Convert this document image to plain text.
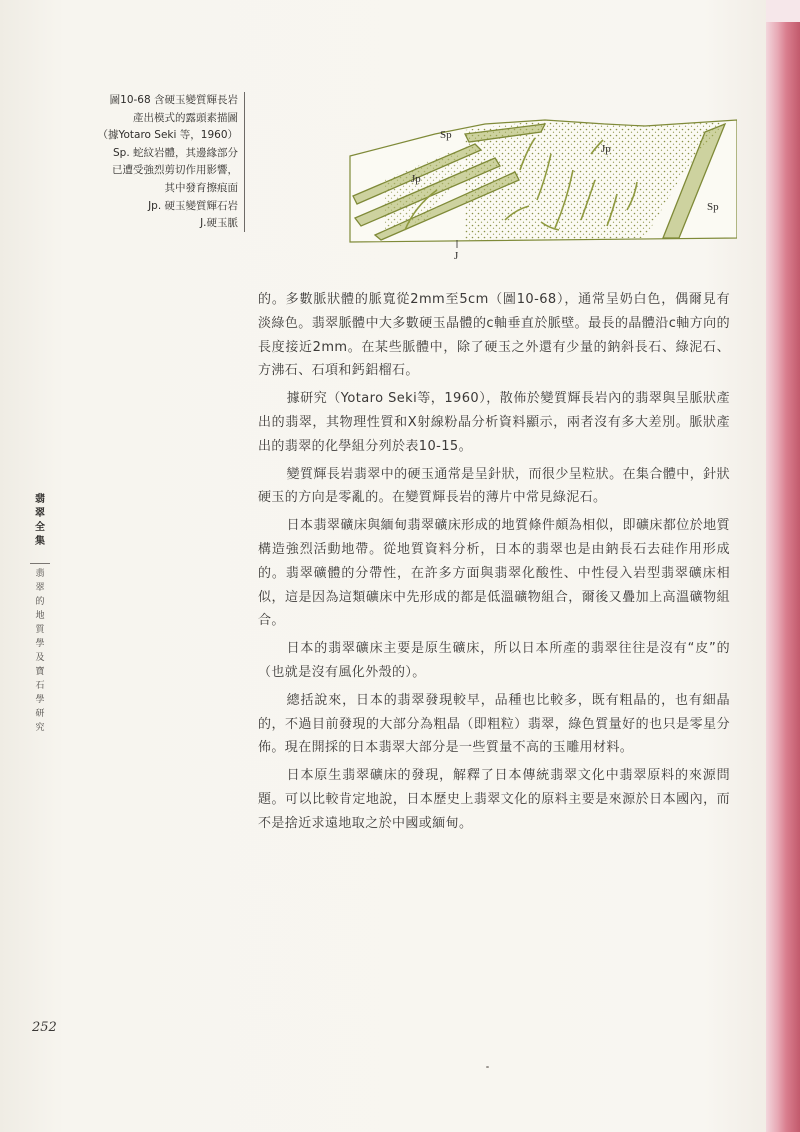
圖10-68 含硬玉變質輝長岩
產出模式的露頭素描圖
（據Yotaro Seki 等，1960）
Sp. 蛇紋岩體，其邊緣部分
已遭受強烈剪切作用影響，
其中發育擦痕面
Jp. 硬玉變質輝石岩
J.硬玉脈
Sp
Jp
Jp
Sp
J

的。多數脈狀體的脈寬從2mm至5cm（圖10-68），通常呈奶白色，偶爾見有淡綠色。翡翠脈體中大多數硬玉晶體的c軸垂直於脈壁。最長的晶體沿c軸方向的長度接近2mm。在某些脈體中，除了硬玉之外還有少量的鈉斜長石、綠泥石、方沸石、石項和鈣鋁榴石。

據研究（Yotaro Seki等，1960），散佈於變質輝長岩內的翡翠與呈脈狀產出的翡翠，其物理性質和X射線粉晶分析資料顯示，兩者沒有多大差別。脈狀產出的翡翠的化學組分列於表10-15。

變質輝長岩翡翠中的硬玉通常是呈針狀，而很少呈粒狀。在集合體中，針狀硬玉的方向是零亂的。在變質輝長岩的薄片中常見綠泥石。

日本翡翠礦床與緬甸翡翠礦床形成的地質條件頗為相似，即礦床都位於地質構造強烈活動地帶。從地質資料分析，日本的翡翠也是由鈉長石去硅作用形成的。翡翠礦體的分帶性，在許多方面與翡翠化酸性、中性侵入岩型翡翠礦床相似，這是因為這類礦床中先形成的都是低溫礦物組合，爾後又疊加上高溫礦物組合。

日本的翡翠礦床主要是原生礦床，所以日本所產的翡翠往往是沒有“皮”的（也就是沒有風化外殼的）。

總括說來，日本的翡翠發現較早，品種也比較多，既有粗晶的，也有細晶的，不過目前發現的大部分為粗晶（即粗粒）翡翠，綠色質量好的也只是零星分佈。現在開採的日本翡翠大部分是一些質量不高的玉雕用材料。

日本原生翡翠礦床的發現，解釋了日本傳統翡翠文化中翡翠原料的來源問題。可以比較肯定地說，日本歷史上翡翠文化的原料主要是來源於日本國內，而不是捨近求遠地取之於中國或緬甸。

翡
翠
全
集
翡
翠
的
地
質
學
及
寶
石
學
研
究
252
